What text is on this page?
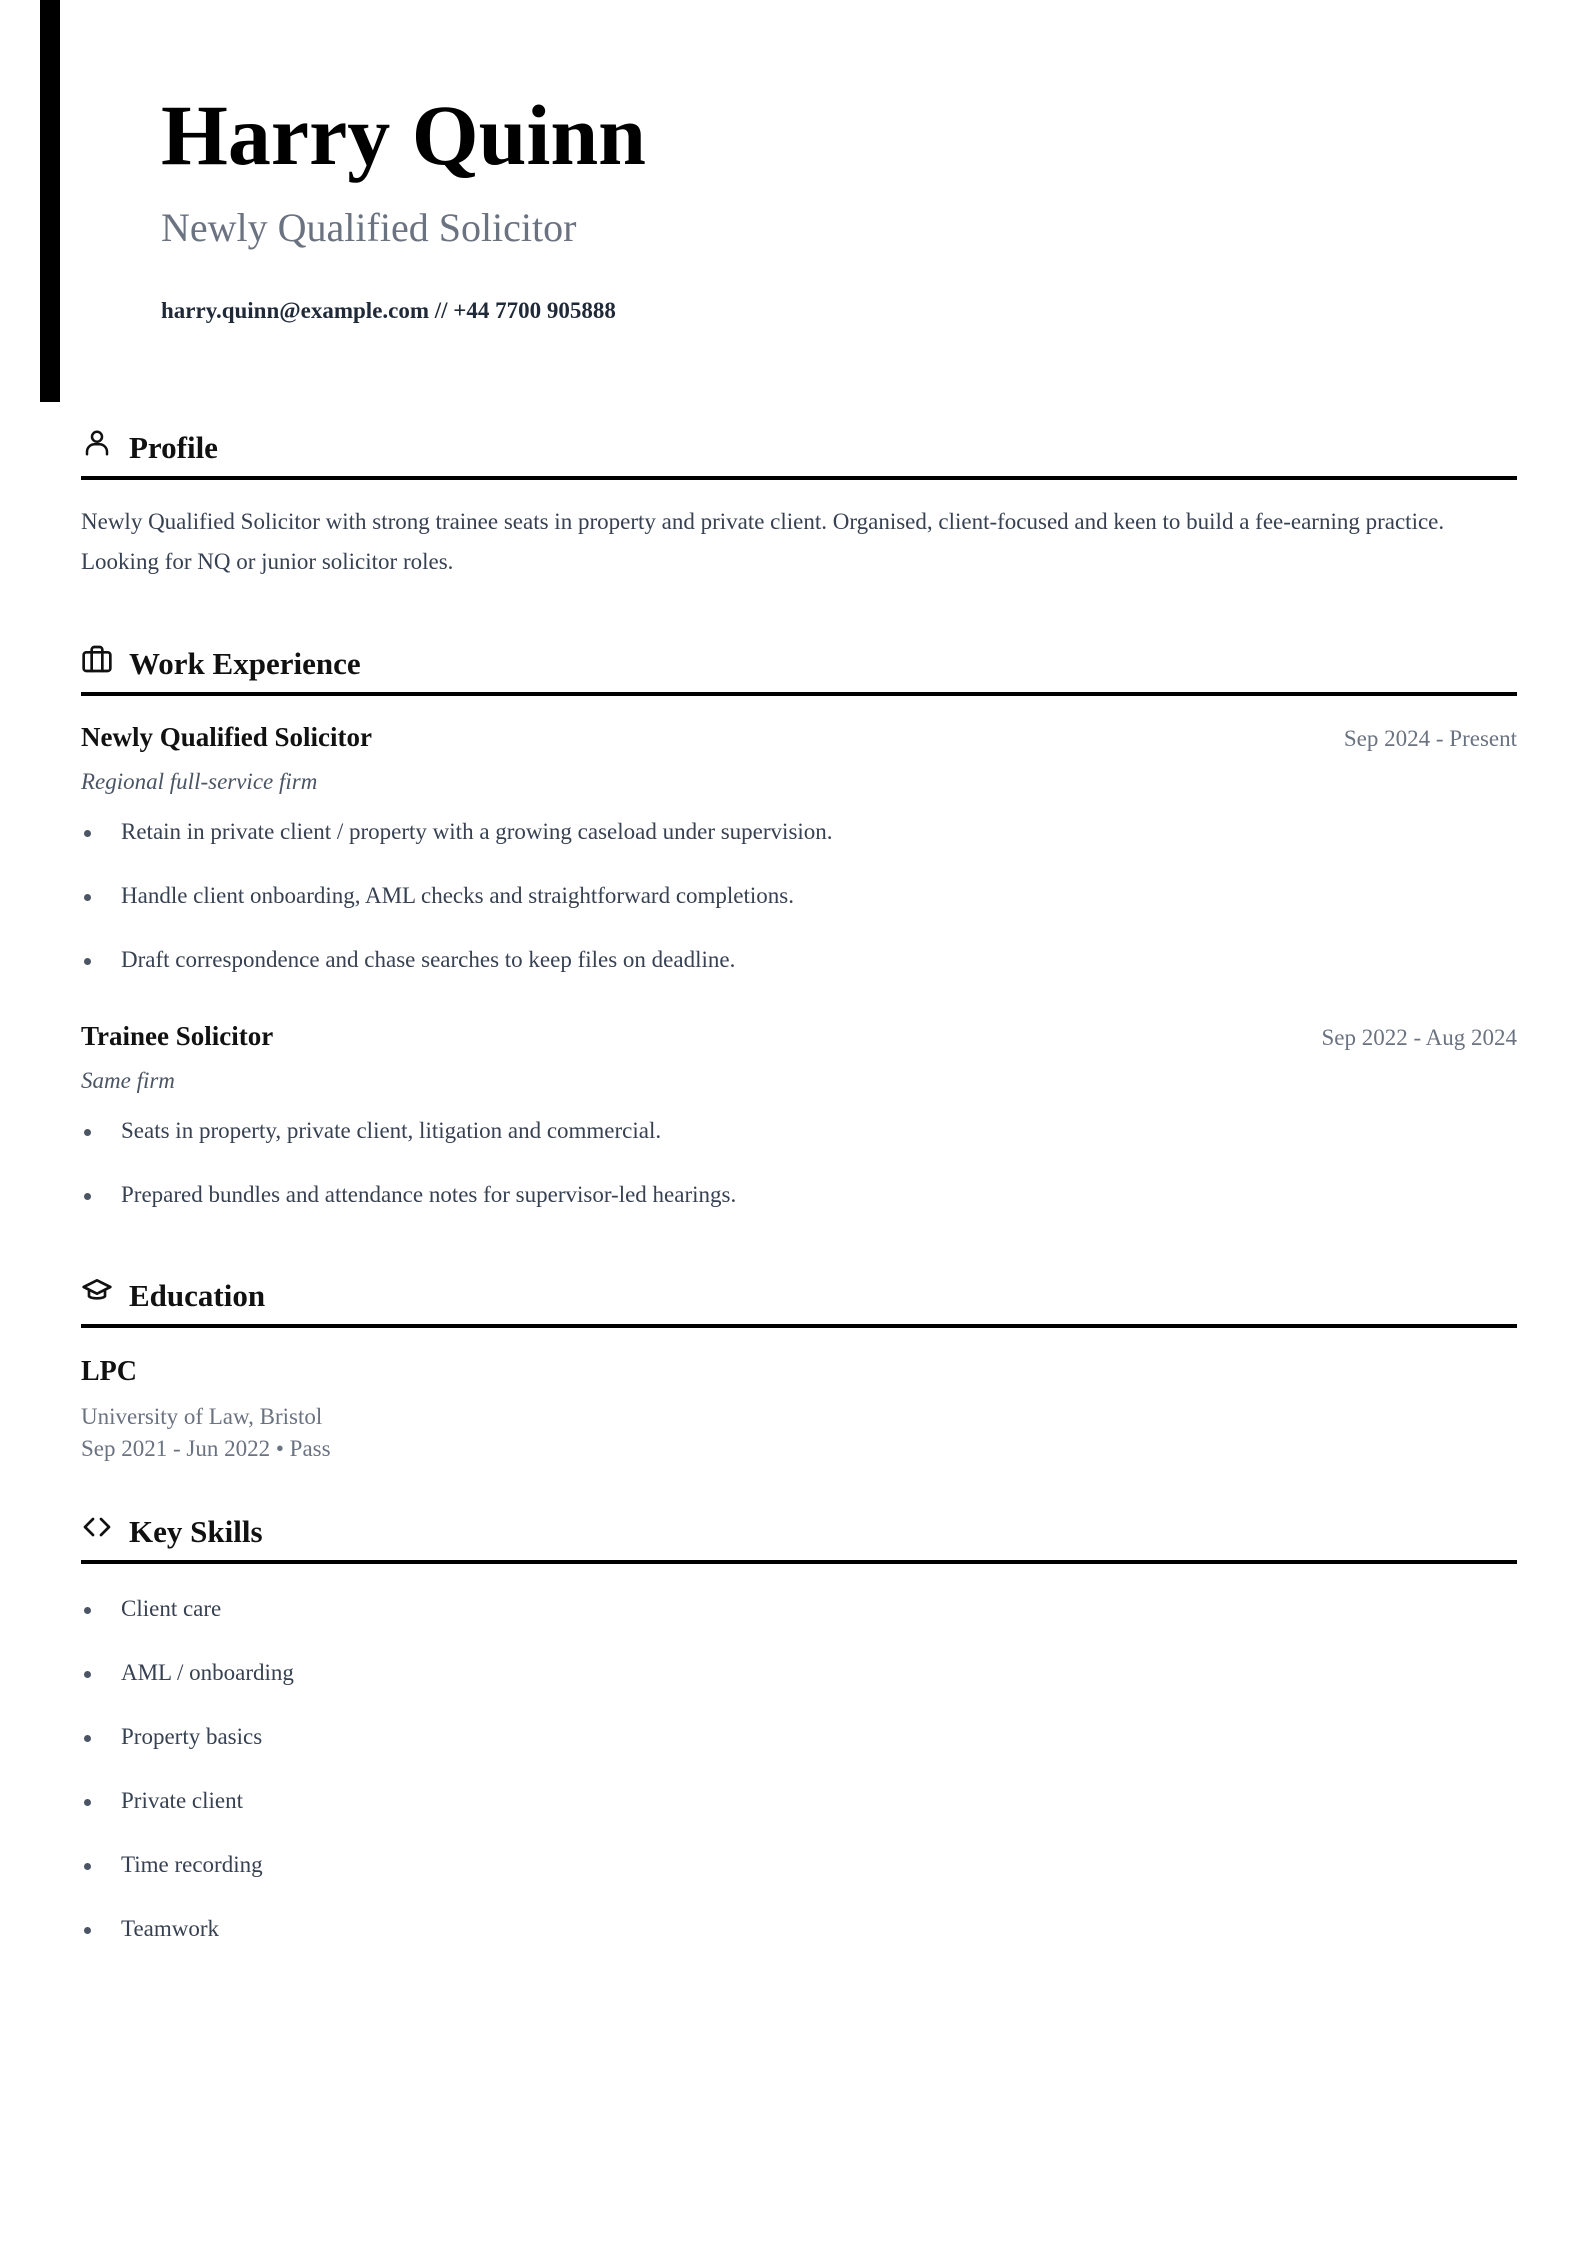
Harry Quinn
Newly Qualified Solicitor
harry.quinn@example.com // +44 7700 905888
Profile
Newly Qualified Solicitor with strong trainee seats in property and private client. Organised, client-focused and keen to build a fee-earning practice. Looking for NQ or junior solicitor roles.
Work Experience
Newly Qualified Solicitor	Sep 2024 - Present
Regional full-service firm
Retain in private client / property with a growing caseload under supervision.
Handle client onboarding, AML checks and straightforward completions.
Draft correspondence and chase searches to keep files on deadline.
Trainee Solicitor	Sep 2022 - Aug 2024
Same firm
Seats in property, private client, litigation and commercial.
Prepared bundles and attendance notes for supervisor-led hearings.
Education
LPC
University of Law, Bristol
Sep 2021 - Jun 2022 • Pass
Key Skills
Client care
AML / onboarding
Property basics
Private client
Time recording
Teamwork
